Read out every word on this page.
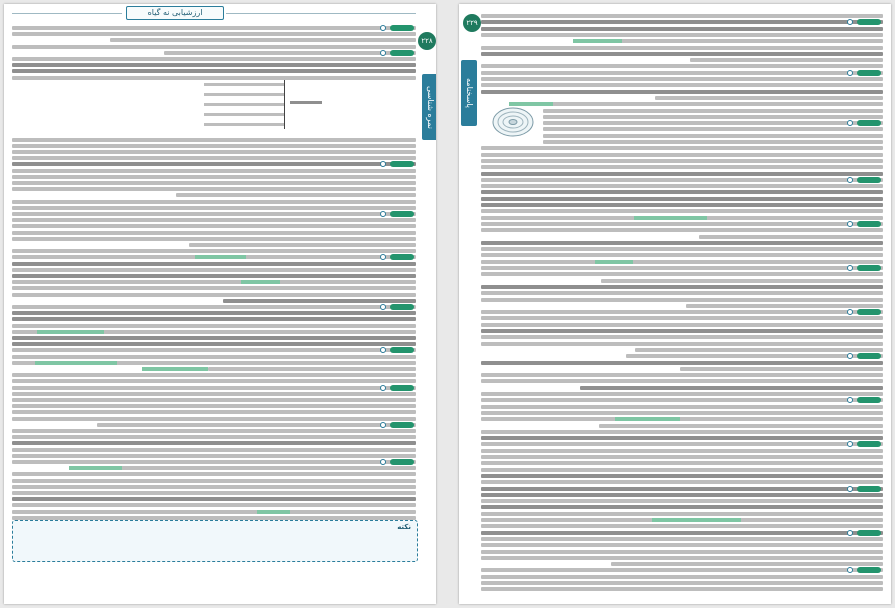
ارزشیابی نه گیاه
۲۲۸
نمره شناسی
نکته
۲۲۹
پاسخنامه
